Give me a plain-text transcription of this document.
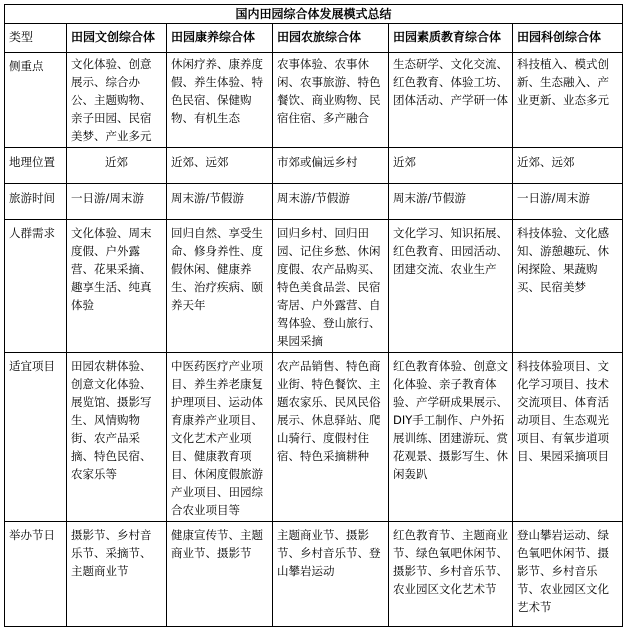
国内田园综合体发展模式总结					
类型	田园文创综合体	田园康养综合体	田园农旅综合体	田园素质教育综合体	田园科创综合体
侧重点	文化体验、创意展示、综合办公、主题购物、亲子田园、民宿美梦、产业多元	休闲疗养、康养度假、养生体验、特色民宿、保健购物、有机生态	农事体验、农事休闲、农事旅游、特色餐饮、商业购物、民宿住宿、多产融合	生态研学、文化交流、红色教育、体验工坊、团体活动、产学研一体	科技植入、模式创新、生态融入、产业更新、业态多元
地理位置	近郊	近郊、远郊	市郊或偏远乡村	近郊	近郊、远郊
旅游时间	一日游/周末游	周末游/节假游	周末游/节假游	周末游/节假游	一日游/周末游
人群需求	文化体验、周末度假、户外露营、花果采摘、趣享生活、纯真体验	回归自然、享受生命、修身养性、度假休闲、健康养生、治疗疾病、颐养天年	回归乡村、回归田园、记住乡愁、休闲度假、农产品购买、特色美食品尝、民宿寄居、户外露营、自驾体验、登山旅行、果园采摘	文化学习、知识拓展、红色教育、田园活动、团建交流、农业生产	科技体验、文化感知、游憩趣玩、休闲探险、果蔬购买、民宿美梦
适宜项目	田园农耕体验、创意文化体验、展览馆、摄影写生、风情购物街、农产品采摘、特色民宿、农家乐等	中医药医疗产业项目、养生养老康复护理项目、运动体育康养产业项目、文化艺术产业项目、健康教育项目、休闲度假旅游产业项目、田园综合农业项目等	农产品销售、特色商业街、特色餐饮、主题农家乐、民风民俗展示、休息驿站、爬山骑行、度假村住宿、特色采摘耕种	红色教育体验、创意文化体验、亲子教育体验、产学研成果展示、DIY手工制作、户外拓展训练、团建游玩、赏花观景、摄影写生、休闲轰趴	科技体验项目、文化学习项目、技术交流项目、体育活动项目、生态观光项目、有氧步道项目、果园采摘项目
举办节日	摄影节、乡村音乐节、采摘节、主题商业节	健康宣传节、主题商业节、摄影节	主题商业节、摄影节、乡村音乐节、登山攀岩运动	红色教育节、主题商业节、绿色氧吧休闲节、摄影节、乡村音乐节、农业园区文化艺术节	登山攀岩运动、绿色氧吧休闲节、摄影节、乡村音乐节、农业园区文化艺术节
